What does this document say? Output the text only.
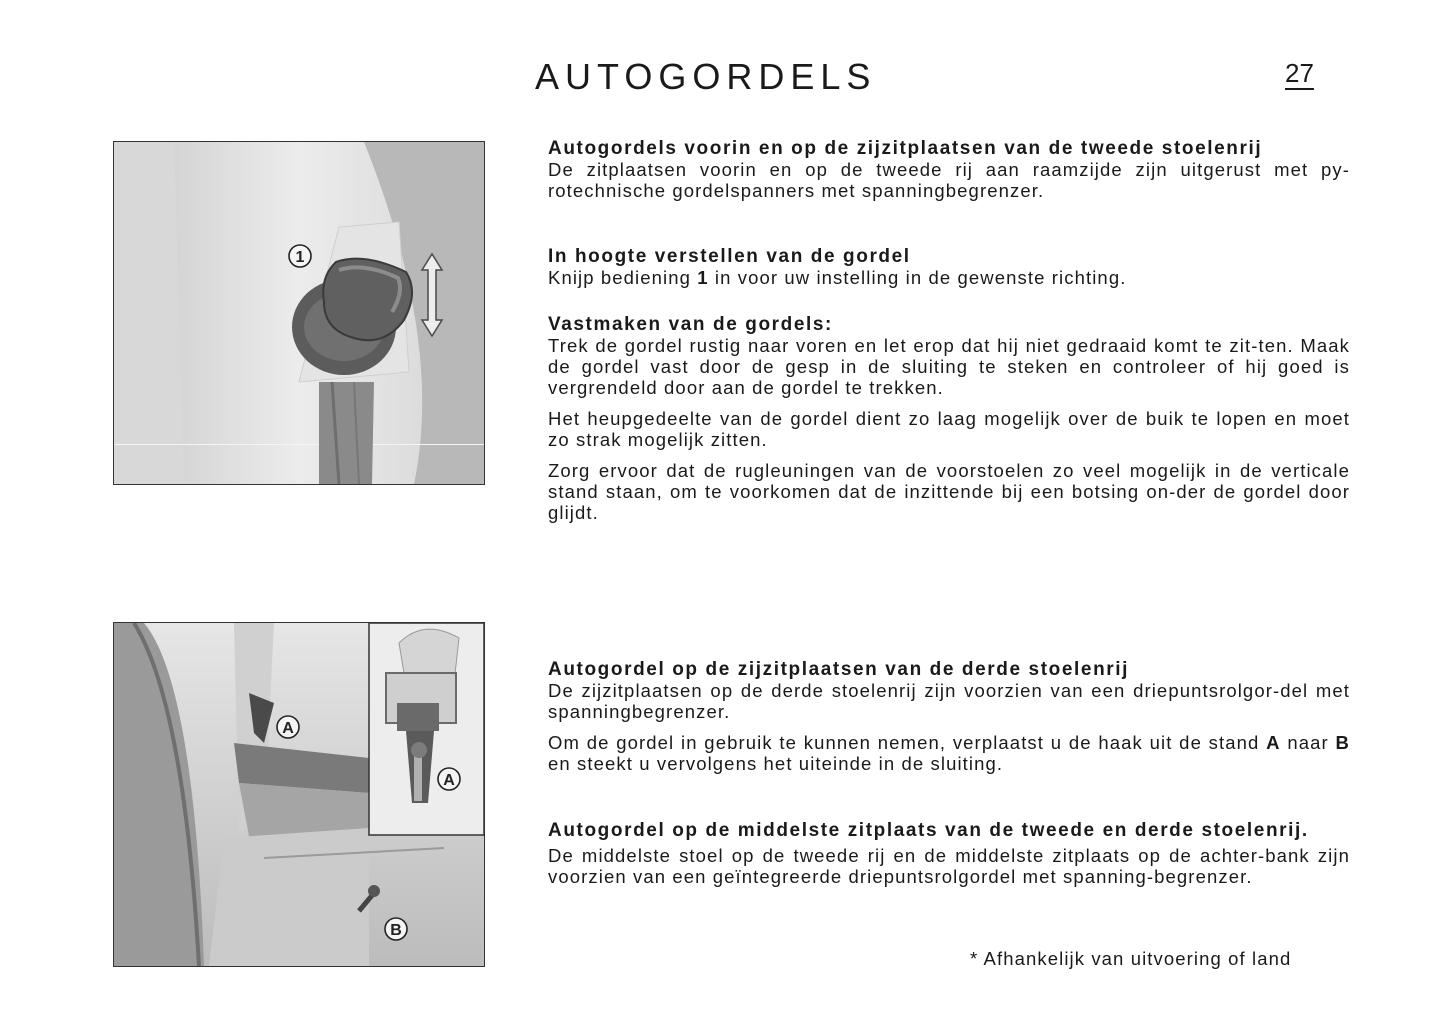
AUTOGORDELS	27
1
A
A
B
Autogordels voorin en op de zijzitplaatsen van de tweede stoelenrij

De zitplaatsen voorin en op de tweede rij aan raamzijde zijn uitgerust met py-rotechnische gordelspanners met spanningbegrenzer.

In hoogte verstellen van de gordel

Knijp bediening 1 in voor uw instelling in de gewenste richting.

Vastmaken van de gordels:

Trek de gordel rustig naar voren en let erop dat hij niet gedraaid komt te zit-ten. Maak de gordel vast door de gesp in de sluiting te steken en controleer of hij goed is vergrendeld door aan de gordel te trekken.

Het heupgedeelte van de gordel dient zo laag mogelijk over de buik te lopen en moet zo strak mogelijk zitten.

Zorg ervoor dat de rugleuningen van de voorstoelen zo veel mogelijk in de verticale stand staan, om te voorkomen dat de inzittende bij een botsing on-der de gordel door glijdt.

Autogordel op de zijzitplaatsen van de derde stoelenrij

De zijzitplaatsen op de derde stoelenrij zijn voorzien van een driepuntsrolgor-del met spanningbegrenzer.

Om de gordel in gebruik te kunnen nemen, verplaatst u de haak uit de stand A naar B en steekt u vervolgens het uiteinde in de sluiting.

Autogordel op de middelste zitplaats van de tweede en derde stoelenrij.

De middelste stoel op de tweede rij en de middelste zitplaats op de achter-bank zijn voorzien van een geïntegreerde driepuntsrolgordel met spanning-begrenzer.

* Afhankelijk van uitvoering of land
